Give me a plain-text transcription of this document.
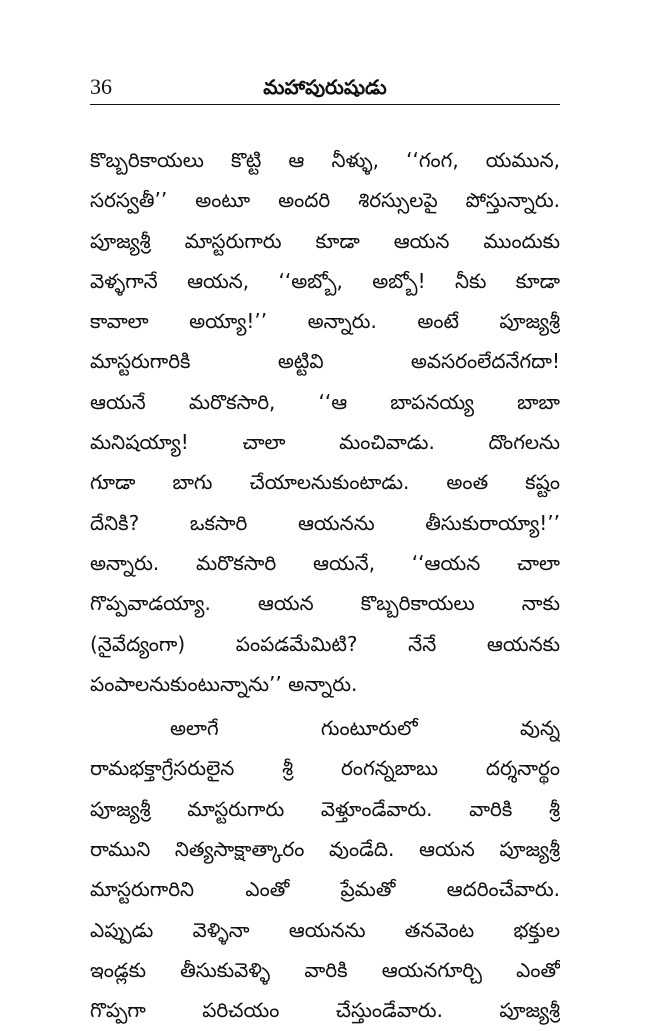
36	మహాపురుషుడు
కొబ్బరికాయలు కొట్టి ఆ నీళ్ళు, ‘‘గంగ, యమున,
సరస్వతీ’’ అంటూ అందరి శిరస్సులపై పోస్తున్నారు.
పూజ్యశ్రీ మాస్టరుగారు కూడా ఆయన ముందుకు
వెళ్ళగానే ఆయన, ‘‘అబ్బో, అబ్బో! నీకు కూడా
కావాలా అయ్యా!’’ అన్నారు. అంటే పూజ్యశ్రీ
మాస్టరుగారికి అట్టివి అవసరంలేదనేగదా!
ఆయనే మరొకసారి, ‘‘ఆ బాపనయ్య బాబా
మనిషయ్యా! చాలా మంచివాడు. దొంగలను
గూడా బాగు చేయాలనుకుంటాడు. అంత కష్టం
దేనికి? ఒకసారి ఆయనను తీసుకురాయ్యా!’’
అన్నారు. మరొకసారి ఆయనే, ‘‘ఆయన చాలా
గొప్పవాడయ్యా. ఆయన కొబ్బరికాయలు నాకు
(నైవేద్యంగా) పంపడమేమిటి? నేనే ఆయనకు
పంపాలనుకుంటున్నాను’’ అన్నారు.
అలాగే గుంటూరులో వున్న
రామభక్తాగ్రేసరులైన శ్రీ రంగన్నబాబు దర్శనార్థం
పూజ్యశ్రీ మాస్టరుగారు వెళ్తూండేవారు. వారికి శ్రీ
రాముని నిత్యసాక్షాత్కారం వుండేది. ఆయన పూజ్యశ్రీ
మాస్టరుగారిని ఎంతో ప్రేమతో ఆదరించేవారు.
ఎప్పుడు వెళ్ళినా ఆయనను తనవెంట భక్తుల
ఇండ్లకు తీసుకువెళ్ళి వారికి ఆయనగూర్చి ఎంతో
గొప్పగా పరిచయం చేస్తుండేవారు. పూజ్యశ్రీ
